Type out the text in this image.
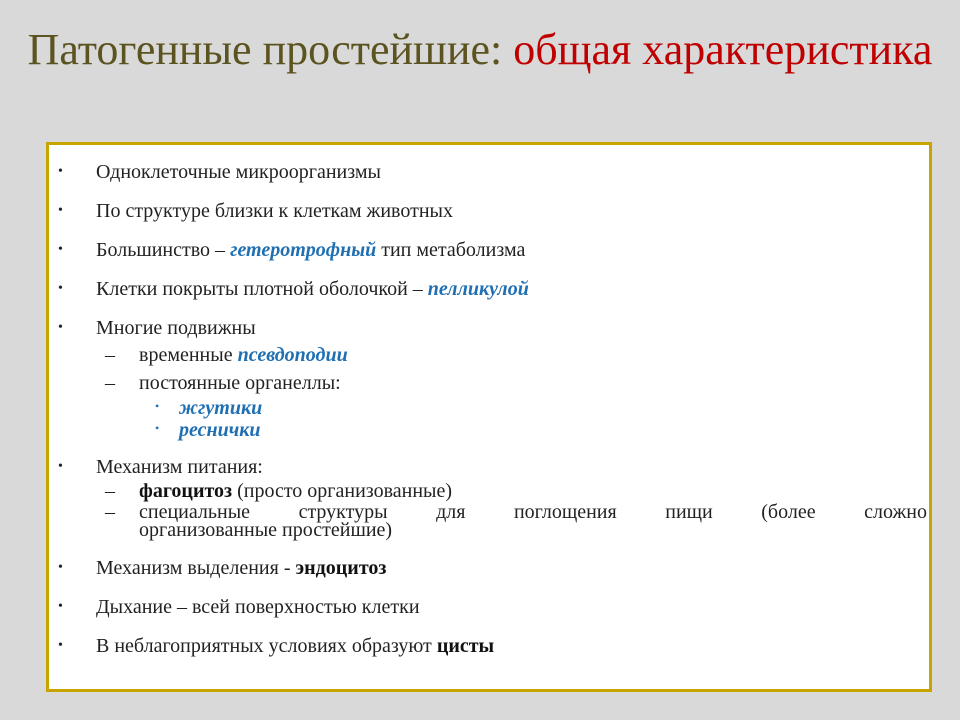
Патогенные простейшие: общая характеристика
• Одноклеточные микроорганизмы
• По структуре близки к клеткам животных
• Большинство – гетеротрофный тип метаболизма
• Клетки покрыты плотной оболочкой – пелликулой
• Многие подвижны
– временные псевдоподии
– постоянные органеллы:
• жгутики
• реснички
• Механизм питания:
– фагоцитоз (просто организованные)
– специальные структуры для поглощения пищи (более сложно
организованные простейшие)
• Механизм выделения - эндоцитоз
• Дыхание – всей поверхностью клетки
• В неблагоприятных условиях образуют цисты
